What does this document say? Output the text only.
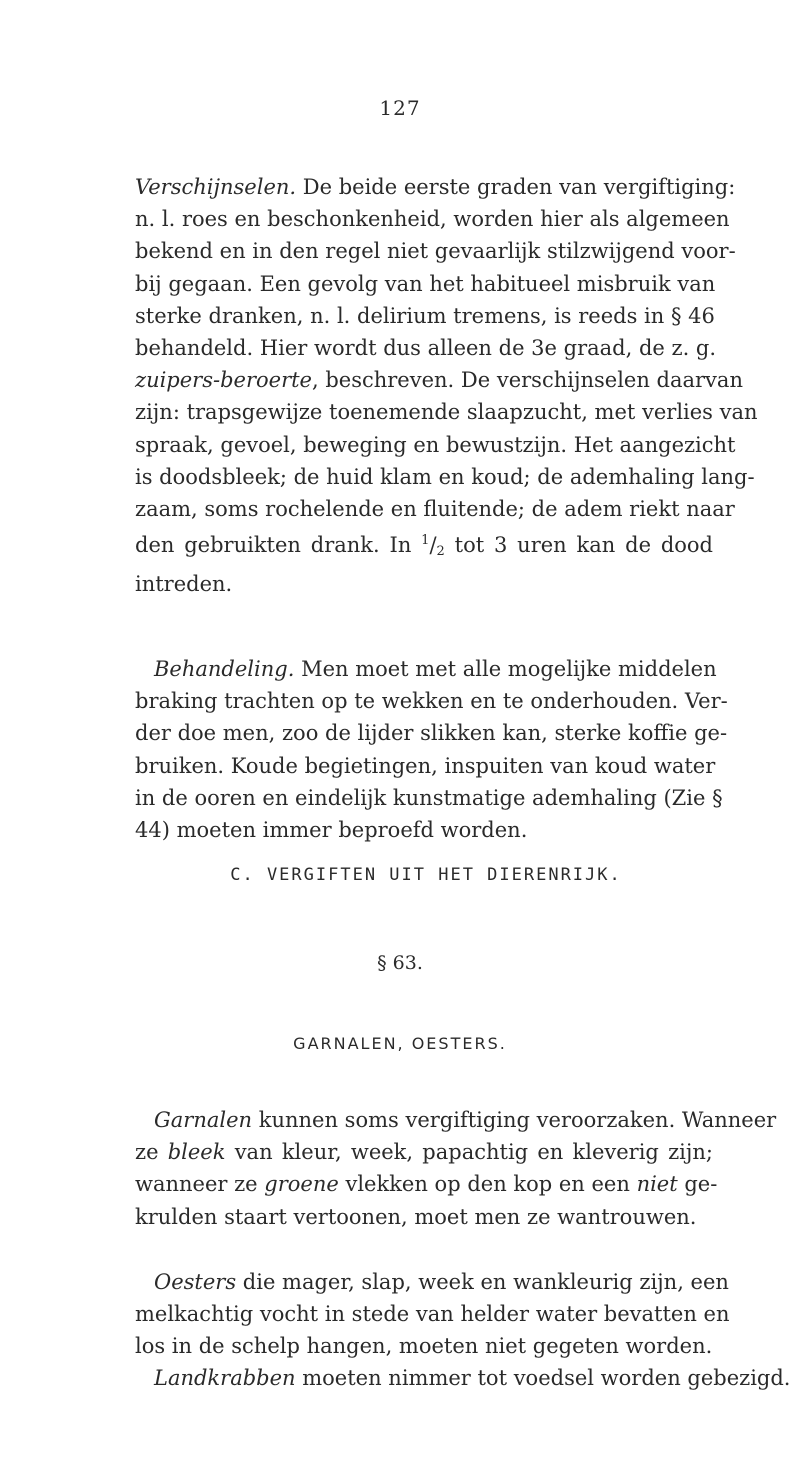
127
Verschijnselen. De beide eerste graden van vergiftiging:
n. l. roes en beschonkenheid, worden hier als algemeen
bekend en in den regel niet gevaarlijk stilzwijgend voor-
bij gegaan. Een gevolg van het habitueel misbruik van
sterke dranken, n. l. delirium tremens, is reeds in § 46
behandeld. Hier wordt dus alleen de 3e graad, de z. g.
zuipers-beroerte, beschreven. De verschijnselen daarvan
zijn: trapsgewijze toenemende slaapzucht, met verlies van
spraak, gevoel, beweging en bewustzijn. Het aangezicht
is doodsbleek; de huid klam en koud; de ademhaling lang-
zaam, soms rochelende en fluitende; de adem riekt naar
den gebruikten drank. In $^1/_2$ tot 3 uren kan de dood
intreden.
Behandeling. Men moet met alle mogelijke middelen
braking trachten op te wekken en te onderhouden. Ver-
der doe men, zoo de lijder slikken kan, sterke koffie ge-
bruiken. Koude begietingen, inspuiten van koud water
in de ooren en eindelijk kunstmatige ademhaling (Zie §
44) moeten immer beproefd worden.
C. VERGIFTEN UIT HET DIERENRIJK.
§ 63.
GARNALEN, OESTERS.
Garnalen kunnen soms vergiftiging veroorzaken. Wanneer
ze bleek van kleur, week, papachtig en kleverig zijn;
wanneer ze groene vlekken op den kop en een niet ge-
krulden staart vertoonen, moet men ze wantrouwen.
Oesters die mager, slap, week en wankleurig zijn, een
melkachtig vocht in stede van helder water bevatten en
los in de schelp hangen, moeten niet gegeten worden.
Landkrabben moeten nimmer tot voedsel worden gebezigd.
